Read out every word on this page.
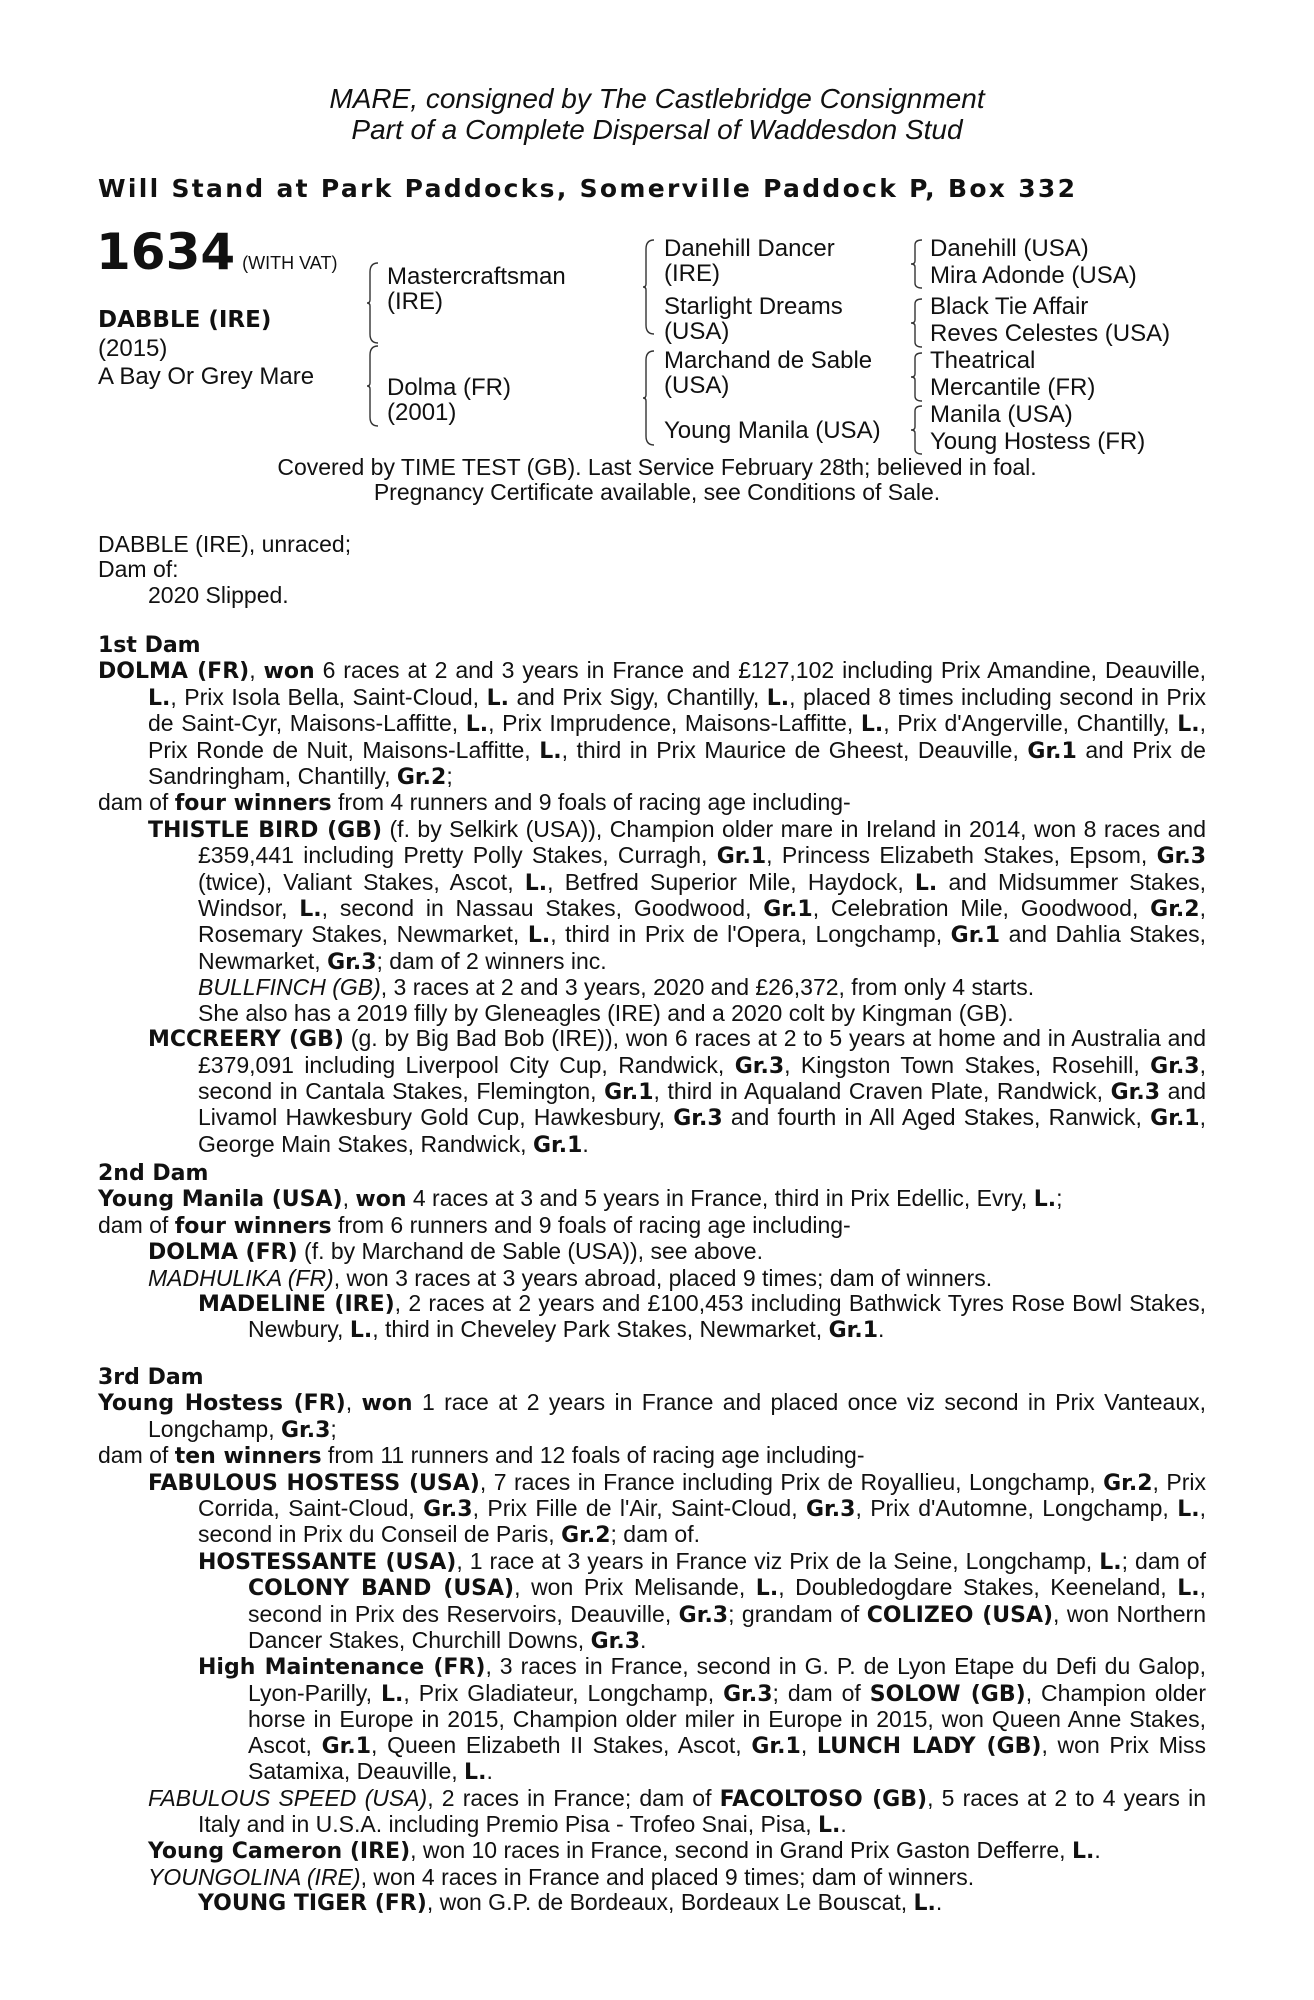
MARE, consigned by The Castlebridge Consignment
Part of a Complete Dispersal of Waddesdon Stud
Will Stand at Park Paddocks, Somerville Paddock P, Box 332
1634 (WITH VAT)
DABBLE (IRE)
(2015)
A Bay Or Grey Mare
Mastercraftsman
(IRE)
Dolma (FR)
(2001)
Danehill Dancer
(IRE)
Starlight Dreams
(USA)
Marchand de Sable
(USA)
Young Manila (USA)
Danehill (USA)
Mira Adonde (USA)
Black Tie Affair
Reves Celestes (USA)
Theatrical
Mercantile (FR)
Manila (USA)
Young Hostess (FR)
Covered by TIME TEST (GB). Last Service February 28th; believed in foal.
Pregnancy Certificate available, see Conditions of Sale.

DABBLE (IRE), unraced;

Dam of:

2020 Slipped.

1st Dam

DOLMA (FR), won 6 races at 2 and 3 years in France and £127,102 including Prix Amandine, Deauville, L., Prix Isola Bella, Saint-Cloud, L. and Prix Sigy, Chantilly, L., placed 8 times including second in Prix de Saint-Cyr, Maisons-Laffitte, L., Prix Imprudence, Maisons-Laffitte, L., Prix d'Angerville, Chantilly, L., Prix Ronde de Nuit, Maisons-Laffitte, L., third in Prix Maurice de Gheest, Deauville, Gr.1 and Prix de Sandringham, Chantilly, Gr.2;

dam of four winners from 4 runners and 9 foals of racing age including-

THISTLE BIRD (GB) (f. by Selkirk (USA)), Champion older mare in Ireland in 2014, won 8 races and £359,441 including Pretty Polly Stakes, Curragh, Gr.1, Princess Elizabeth Stakes, Epsom, Gr.3 (twice), Valiant Stakes, Ascot, L., Betfred Superior Mile, Haydock, L. and Midsummer Stakes, Windsor, L., second in Nassau Stakes, Goodwood, Gr.1, Celebration Mile, Goodwood, Gr.2, Rosemary Stakes, Newmarket, L., third in Prix de l'Opera, Longchamp, Gr.1 and Dahlia Stakes, Newmarket, Gr.3; dam of 2 winners inc.
BULLFINCH (GB), 3 races at 2 and 3 years, 2020 and £26,372, from only 4 starts.
She also has a 2019 filly by Gleneagles (IRE) and a 2020 colt by Kingman (GB).

MCCREERY (GB) (g. by Big Bad Bob (IRE)), won 6 races at 2 to 5 years at home and in Australia and £379,091 including Liverpool City Cup, Randwick, Gr.3, Kingston Town Stakes, Rosehill, Gr.3, second in Cantala Stakes, Flemington, Gr.1, third in Aqualand Craven Plate, Randwick, Gr.3 and Livamol Hawkesbury Gold Cup, Hawkesbury, Gr.3 and fourth in All Aged Stakes, Ranwick, Gr.1, George Main Stakes, Randwick, Gr.1.

2nd Dam

Young Manila (USA), won 4 races at 3 and 5 years in France, third in Prix Edellic, Evry, L.;

dam of four winners from 6 runners and 9 foals of racing age including-

DOLMA (FR) (f. by Marchand de Sable (USA)), see above.

MADHULIKA (FR), won 3 races at 3 years abroad, placed 9 times; dam of winners.

MADELINE (IRE), 2 races at 2 years and £100,453 including Bathwick Tyres Rose Bowl Stakes, Newbury, L., third in Cheveley Park Stakes, Newmarket, Gr.1.

3rd Dam

Young Hostess (FR), won 1 race at 2 years in France and placed once viz second in Prix Vanteaux, Longchamp, Gr.3;

dam of ten winners from 11 runners and 12 foals of racing age including-

FABULOUS HOSTESS (USA), 7 races in France including Prix de Royallieu, Longchamp, Gr.2, Prix Corrida, Saint-Cloud, Gr.3, Prix Fille de l'Air, Saint-Cloud, Gr.3, Prix d'Automne, Longchamp, L., second in Prix du Conseil de Paris, Gr.2; dam of.

HOSTESSANTE (USA), 1 race at 3 years in France viz Prix de la Seine, Longchamp, L.; dam of COLONY BAND (USA), won Prix Melisande, L., Doubledogdare Stakes, Keeneland, L., second in Prix des Reservoirs, Deauville, Gr.3; grandam of COLIZEO (USA), won Northern Dancer Stakes, Churchill Downs, Gr.3.

High Maintenance (FR), 3 races in France, second in G. P. de Lyon Etape du Defi du Galop, Lyon-Parilly, L., Prix Gladiateur, Longchamp, Gr.3; dam of SOLOW (GB), Champion older horse in Europe in 2015, Champion older miler in Europe in 2015, won Queen Anne Stakes, Ascot, Gr.1, Queen Elizabeth II Stakes, Ascot, Gr.1, LUNCH LADY (GB), won Prix Miss Satamixa, Deauville, L..

FABULOUS SPEED (USA), 2 races in France; dam of FACOLTOSO (GB), 5 races at 2 to 4 years in Italy and in U.S.A. including Premio Pisa - Trofeo Snai, Pisa, L..

Young Cameron (IRE), won 10 races in France, second in Grand Prix Gaston Defferre, L..

YOUNGOLINA (IRE), won 4 races in France and placed 9 times; dam of winners.

YOUNG TIGER (FR), won G.P. de Bordeaux, Bordeaux Le Bouscat, L..
